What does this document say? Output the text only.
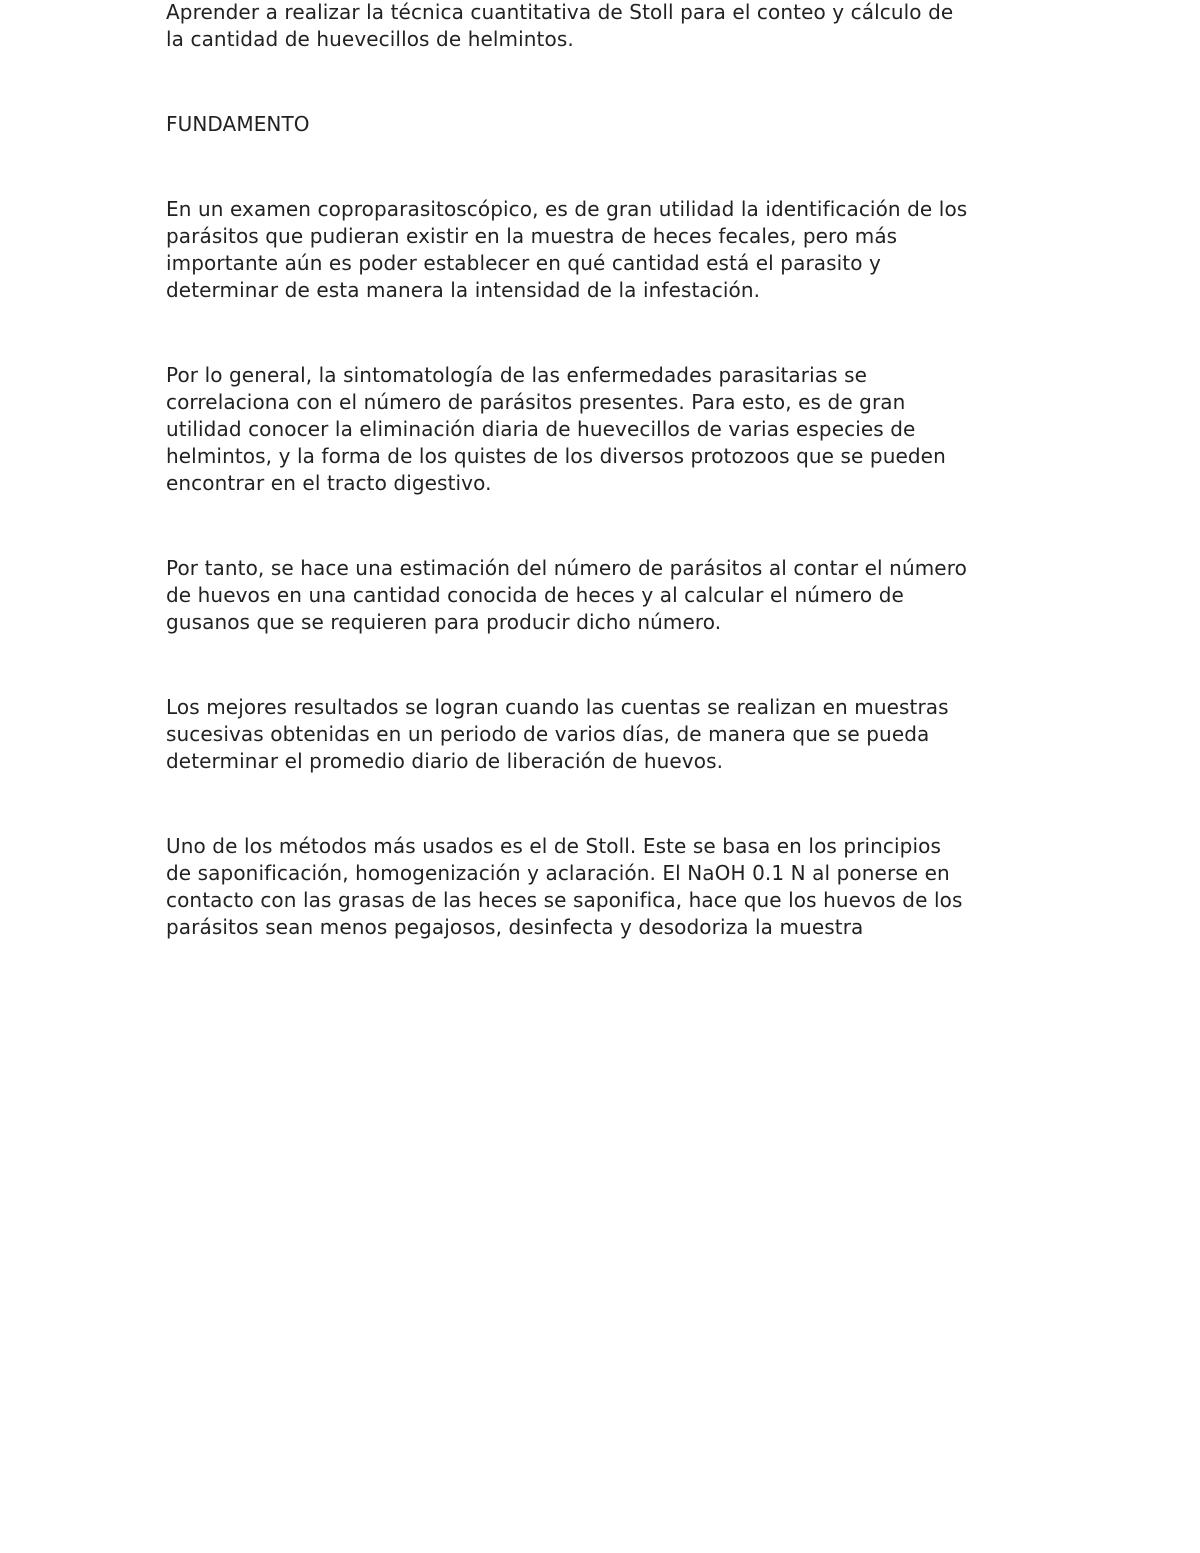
Aprender a realizar la técnica cuantitativa de Stoll para el conteo y cálculo de
la cantidad de huevecillos de helmintos.

FUNDAMENTO

En un examen coproparasitoscópico, es de gran utilidad la identificación de los
parásitos que pudieran existir en la muestra de heces fecales, pero más
importante aún es poder establecer en qué cantidad está el parasito y
determinar de esta manera la intensidad de la infestación.

Por lo general, la sintomatología de las enfermedades parasitarias se
correlaciona con el número de parásitos presentes. Para esto, es de gran
utilidad conocer la eliminación diaria de huevecillos de varias especies de
helmintos, y la forma de los quistes de los diversos protozoos que se pueden
encontrar en el tracto digestivo.

Por tanto, se hace una estimación del número de parásitos al contar el número
de huevos en una cantidad conocida de heces y al calcular el número de
gusanos que se requieren para producir dicho número.

Los mejores resultados se logran cuando las cuentas se realizan en muestras
sucesivas obtenidas en un periodo de varios días, de manera que se pueda
determinar el promedio diario de liberación de huevos.

Uno de los métodos más usados es el de Stoll. Este se basa en los principios
de saponificación, homogenización y aclaración. El NaOH 0.1 N al ponerse en
contacto con las grasas de las heces se saponifica, hace que los huevos de los
parásitos sean menos pegajosos, desinfecta y desodoriza la muestra
